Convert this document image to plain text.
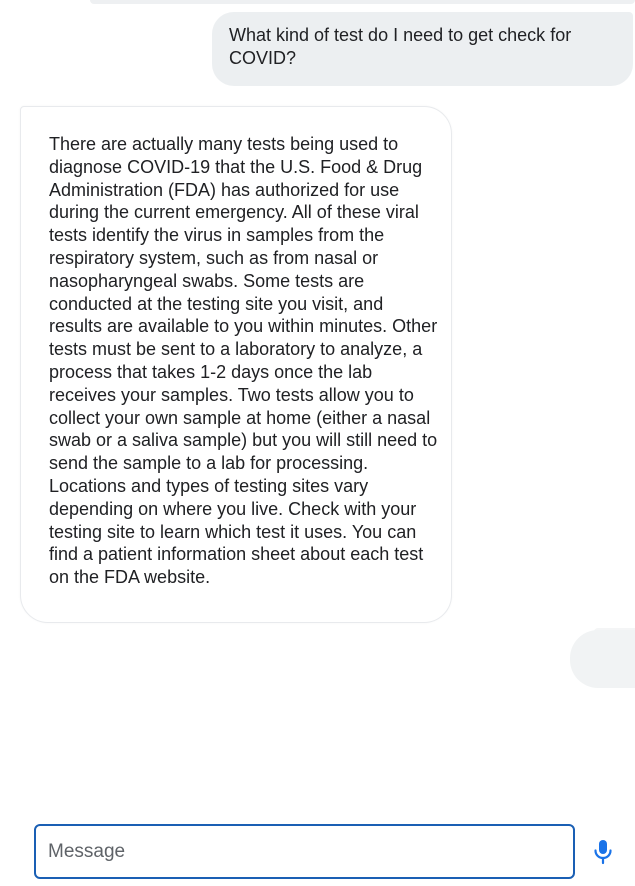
What kind of test do I need to get check for COVID?

There are actually many tests being used to diagnose COVID-19 that the U.S. Food & Drug Administration (FDA) has authorized for use during the current emergency. All of these viral tests identify the virus in samples from the respiratory system, such as from nasal or nasopharyngeal swabs. Some tests are conducted at the testing site you visit, and results are available to you within minutes. Other tests must be sent to a laboratory to analyze, a process that takes 1-2 days once the lab receives your samples. Two tests allow you to collect your own sample at home (either a nasal swab or a saliva sample) but you will still need to send the sample to a lab for processing.

Locations and types of testing sites vary depending on where you live. Check with your testing site to learn which test it uses. You can find a patient information sheet about each test on the FDA website.

Message
